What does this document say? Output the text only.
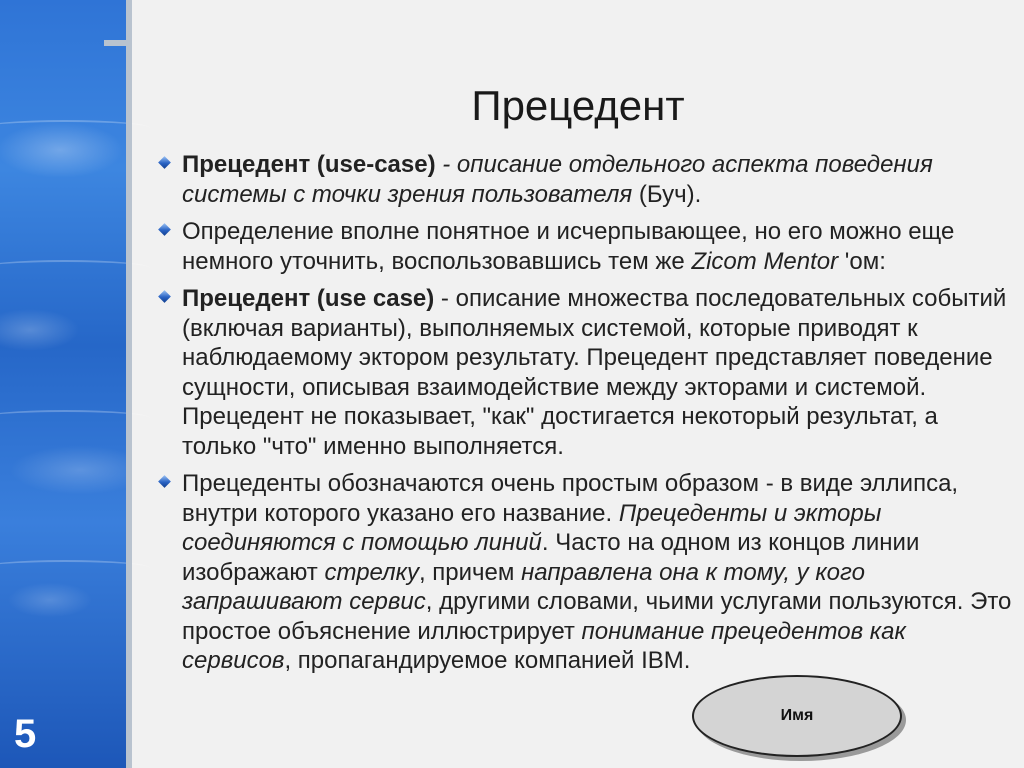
5
Прецедент

Прецедент (use-case) - описание отдельного аспекта поведения системы с точки зрения пользователя (Буч).

Определение вполне понятное и исчерпывающее, но его можно еще немного уточнить, воспользовавшись тем же Zicom Mentor 'ом:

Прецедент (use case) - описание множества последовательных событий (включая варианты), выполняемых системой, которые приводят к наблюдаемому эктором результату. Прецедент представляет поведение сущности, описывая взаимодействие между экторами и системой. Прецедент не показывает, "как" достигается некоторый результат, а только "что" именно выполняется.

Прецеденты обозначаются очень простым образом - в виде эллипса, внутри которого указано его название. Прецеденты и экторы соединяются с помощью линий. Часто на одном из концов линии изображают стрелку, причем направлена она к тому, у кого запрашивают сервис, другими словами, чьими услугами пользуются. Это простое объяснение иллюстрирует понимание прецедентов как сервисов, пропагандируемое компанией IBM.

Имя
